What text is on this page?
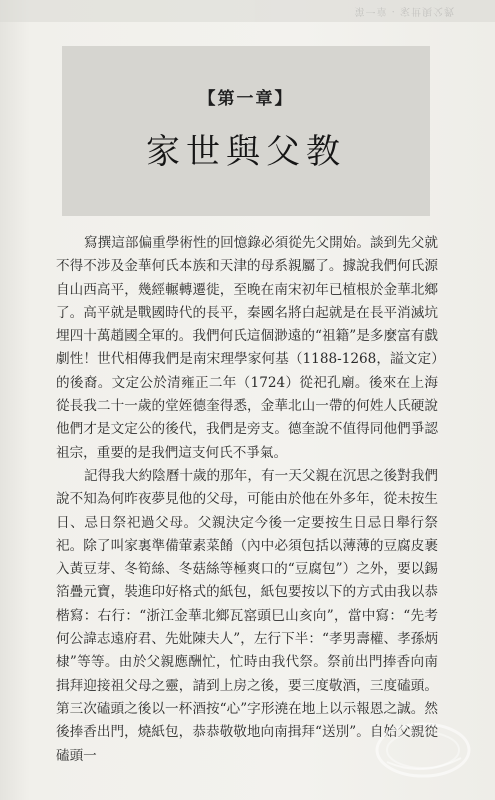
第一章 · 家世與父教
【第一章】
家世與父教

寫撰這部偏重學術性的回憶錄必須從先父開始。談到先父就不得不涉及金華何氏本族和天津的母系親屬了。據說我們何氏源自山西高平，幾經輾轉遷徙，至晚在南宋初年已植根於金華北鄉了。高平就是戰國時代的長平，秦國名將白起就是在長平消滅坑埋四十萬趙國全軍的。我們何氏這個渺遠的“祖籍”是多麼富有戲劇性！世代相傳我們是南宋理學家何基（1188-1268，謚文定）的後裔。文定公於清雍正二年（1724）從祀孔廟。後來在上海從長我二十一歲的堂姪德奎得悉，金華北山一帶的何姓人氏硬說他們才是文定公的後代，我們是旁支。德奎說不值得同他們爭認祖宗，重要的是我們這支何氏不爭氣。

記得我大約陰曆十歲的那年，有一天父親在沉思之後對我們說不知為何昨夜夢見他的父母，可能由於他在外多年，從未按生日、忌日祭祀過父母。父親決定今後一定要按生日忌日舉行祭祀。除了叫家裏準備葷素菜餚（內中必須包括以薄薄的豆腐皮裹入黃豆芽、冬筍絲、冬菇絲等極爽口的“豆腐包”）之外，要以錫箔疊元寶，裝進印好格式的紙包，紙包要按以下的方式由我以恭楷寫：右行：“浙江金華北鄉瓦窰頭巳山亥向”，當中寫：“先考何公諱志遠府君、先妣陳夫人”，左行下半：“孝男壽權、孝孫炳棣”等等。由於父親應酬忙，忙時由我代祭。祭前出門捧香向南揖拜迎接祖父母之靈，請到上房之後，要三度敬酒，三度磕頭。第三次磕頭之後以一杯酒按“心”字形澆在地上以示報恩之誠。然後捧香出門，燒紙包，恭恭敬敬地向南揖拜“送別”。自始父親從磕頭一
